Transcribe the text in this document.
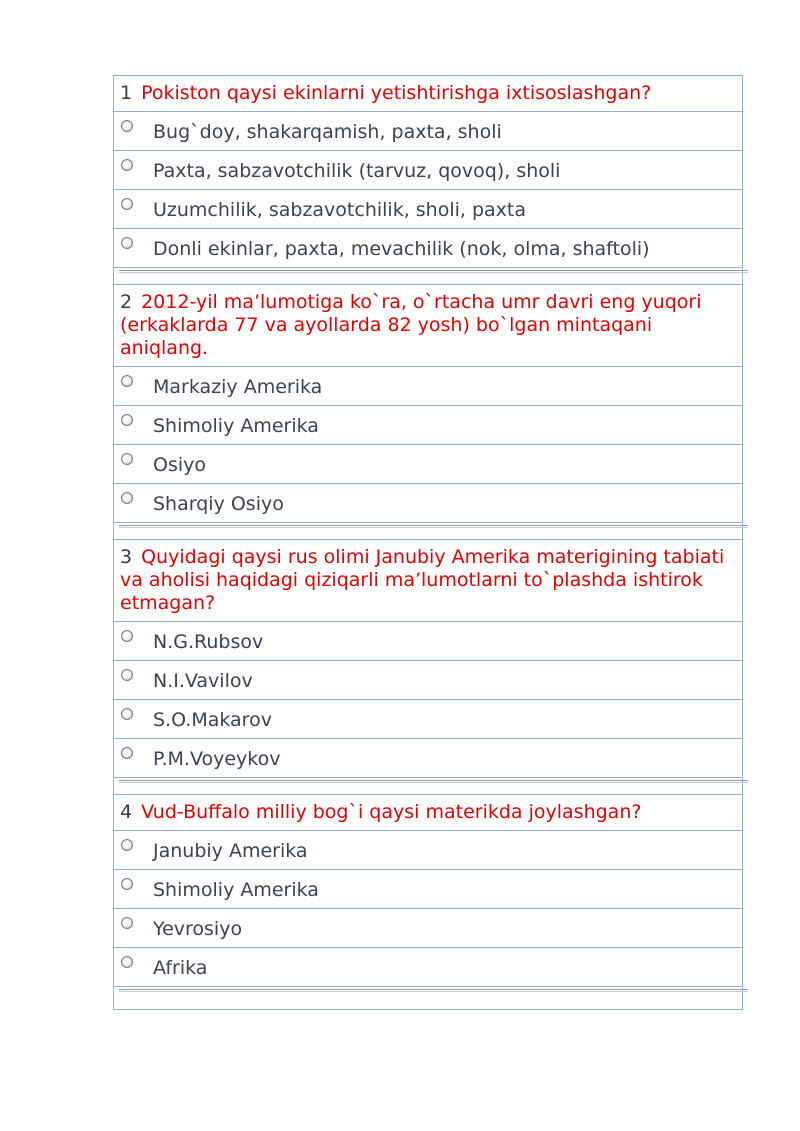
1 Pokiston qaysi ekinlarni yetishtirishga ixtisoslashgan?
Bug`doy, shakarqamish, paxta, sholi
Paxta, sabzavotchilik (tarvuz, qovoq), sholi
Uzumchilik, sabzavotchilik, sholi, paxta
Donli ekinlar, paxta, mevachilik (nok, olma, shaftoli)
2 2012-yil ma’lumotiga ko`ra, o`rtacha umr davri eng yuqori (erkaklarda 77 va ayollarda 82 yosh) bo`lgan mintaqani aniqlang.
Markaziy Amerika
Shimoliy Amerika
Osiyo
Sharqiy Osiyo
3 Quyidagi qaysi rus olimi Janubiy Amerika materigining tabiati va aholisi haqidagi qiziqarli ma’lumotlarni to`plashda ishtirok etmagan?
N.G.Rubsov
N.I.Vavilov
S.O.Makarov
P.M.Voyeykov
4 Vud-Buffalo milliy bog`i qaysi materikda joylashgan?
Janubiy Amerika
Shimoliy Amerika
Yevrosiyo
Afrika
